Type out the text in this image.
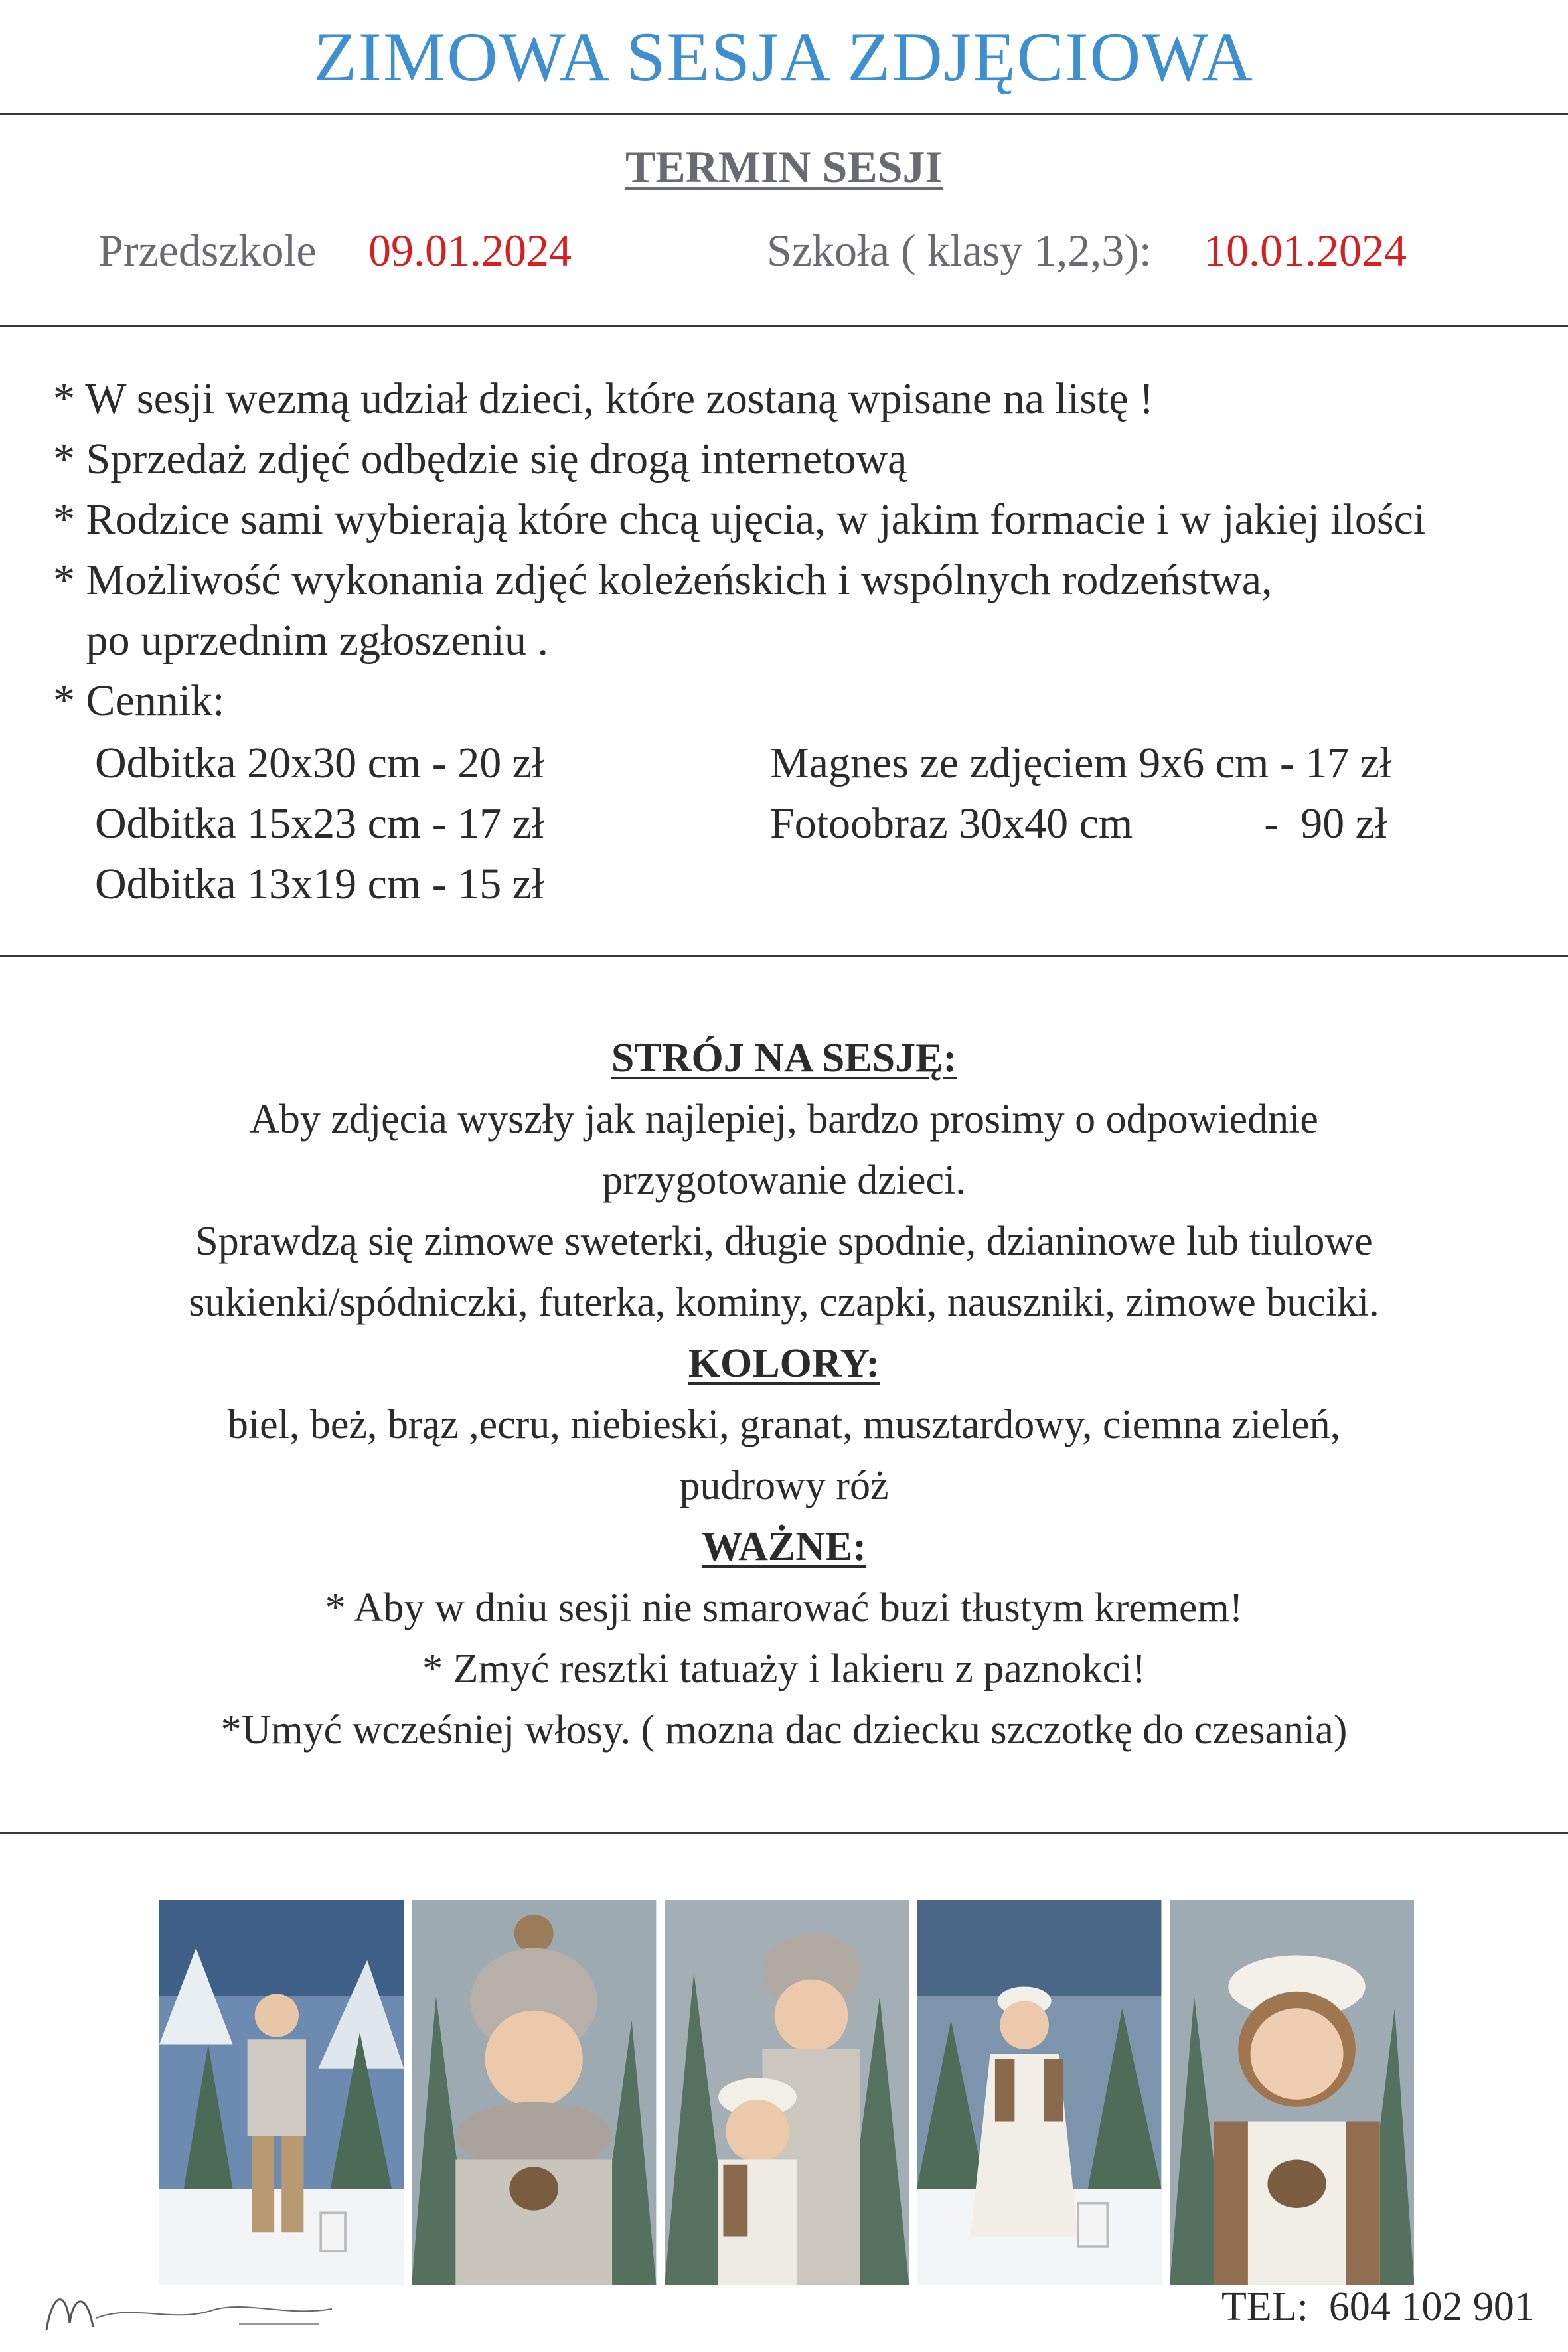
ZIMOWA SESJA ZDJĘCIOWA
TERMIN SESJI
Przedszkole 09.01.2024	Szkoła ( klasy 1,2,3): 10.01.2024
* W sesji wezmą udział dzieci, które zostaną wpisane na listę !
* Sprzedaż zdjęć odbędzie się drogą internetową
* Rodzice sami wybierają które chcą ujęcia, w jakim formacie i w jakiej ilości
* Możliwość wykonania zdjęć koleżeńskich i wspólnych rodzeństwa,
po uprzednim zgłoszeniu .
* Cennik:
Odbitka 20x30 cm - 20 zł
Odbitka 15x23 cm - 17 zł
Odbitka 13x19 cm - 15 zł
Magnes ze zdjęciem 9x6 cm - 17 zł
Fotoobraz 30x40 cm            -  90 zł
STRÓJ NA SESJĘ:
Aby zdjęcia wyszły jak najlepiej, bardzo prosimy o odpowiednie
przygotowanie dzieci.
Sprawdzą się zimowe sweterki, długie spodnie, dzianinowe lub tiulowe
sukienki/spódniczki, futerka, kominy, czapki, nauszniki, zimowe buciki.
KOLORY:
biel, beż, brąz ,ecru, niebieski, granat, musztardowy, ciemna zieleń,
pudrowy róż
WAŻNE:
* Aby w dniu sesji nie smarować buzi tłustym kremem!
* Zmyć resztki tatuaży i lakieru z paznokci!
*Umyć wcześniej włosy. ( mozna dac dziecku szczotkę do czesania)
TEL:  604 102 901
